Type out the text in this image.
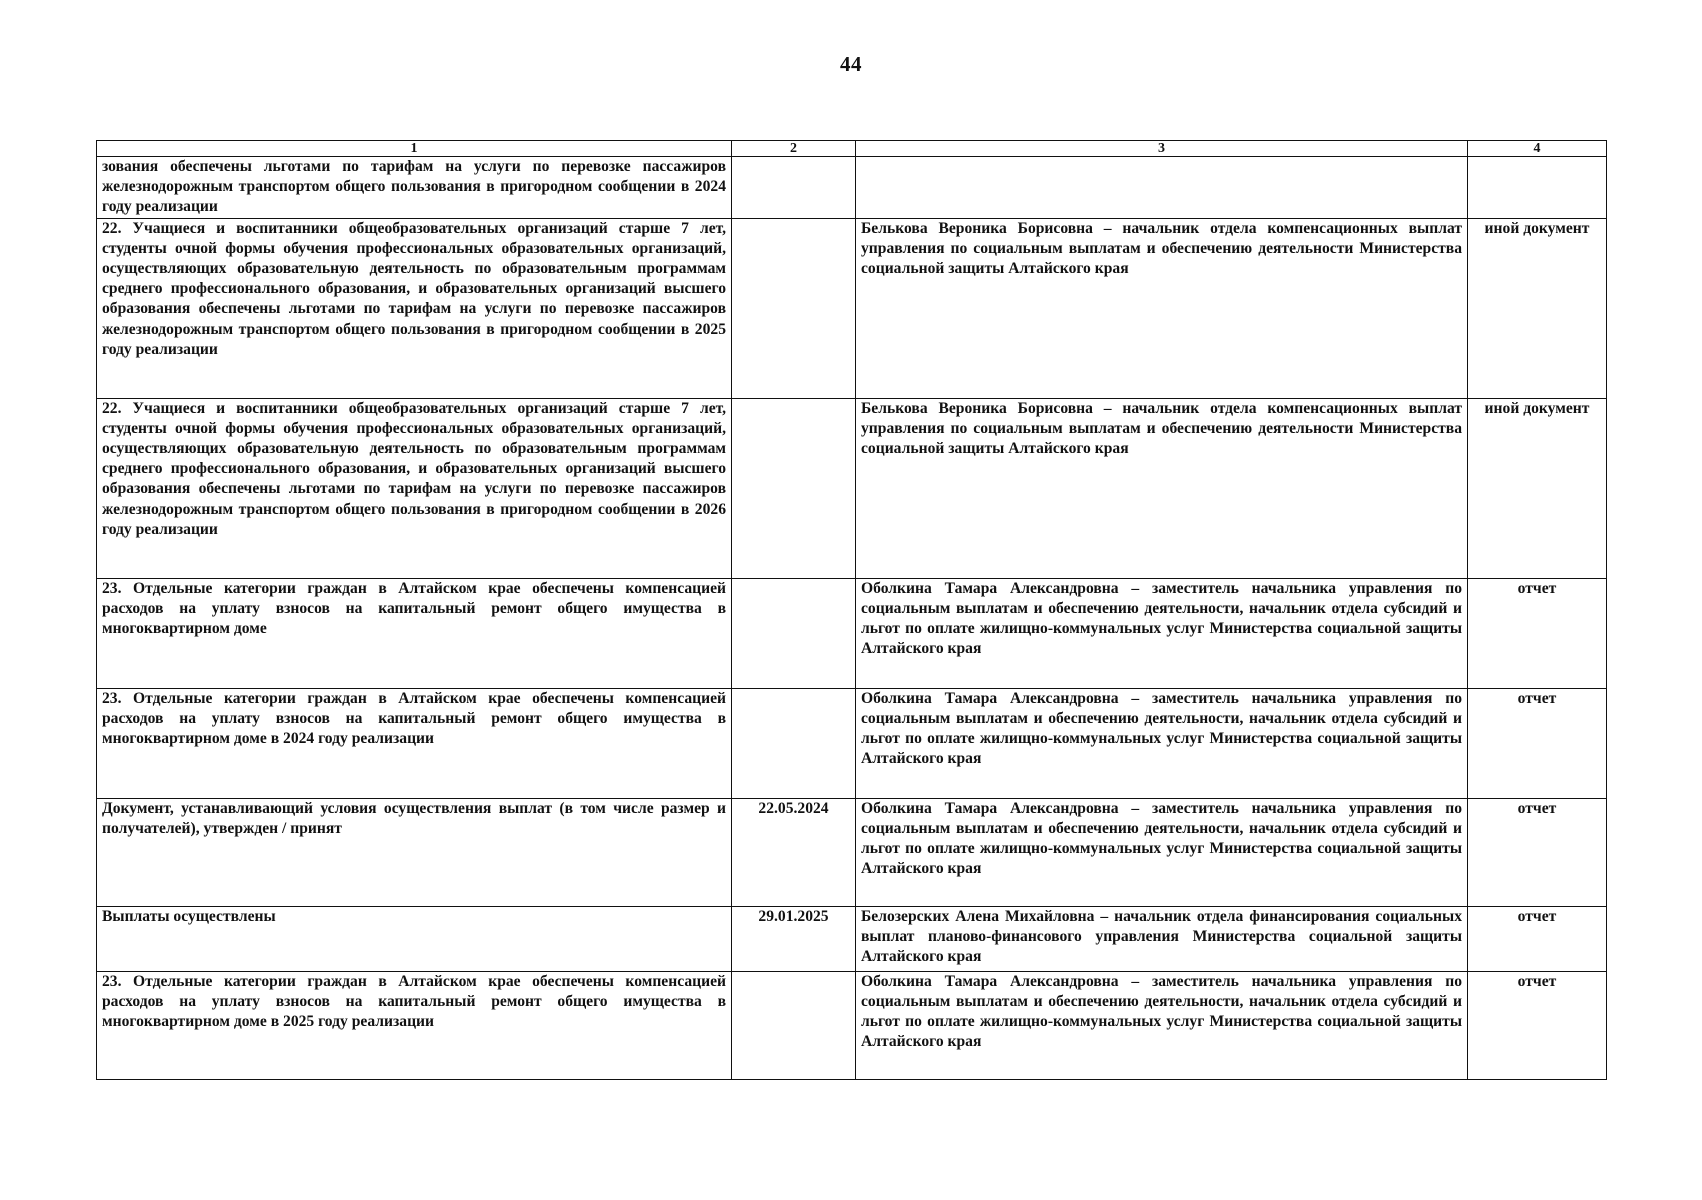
44
1	2	3	4
зования обеспечены льготами по тарифам на услуги по перевозке пассажиров железнодорожным транспортом общего пользования в пригородном сообщении в 2024 году реализации			
22. Учащиеся и воспитанники общеобразовательных организаций старше 7 лет, студенты очной формы обучения профессиональных образовательных организаций, осуществляющих образовательную деятельность по образовательным программам среднего профессионального образования, и образовательных организаций высшего образования обеспечены льготами по тарифам на услуги по перевозке пассажиров железнодорожным транспортом общего пользования в пригородном сообщении в 2025 году реализации		Белькова Вероника Борисовна – начальник отдела компенсационных выплат управления по социальным выплатам и обеспечению деятельности Министерства социальной защиты Алтайского края	иной документ
22. Учащиеся и воспитанники общеобразовательных организаций старше 7 лет, студенты очной формы обучения профессиональных образовательных организаций, осуществляющих образовательную деятельность по образовательным программам среднего профессионального образования, и образовательных организаций высшего образования обеспечены льготами по тарифам на услуги по перевозке пассажиров железнодорожным транспортом общего пользования в пригородном сообщении в 2026 году реализации		Белькова Вероника Борисовна – начальник отдела компенсационных выплат управления по социальным выплатам и обеспечению деятельности Министерства социальной защиты Алтайского края	иной документ
23. Отдельные категории граждан в Алтайском крае обеспечены компенсацией расходов на уплату взносов на капитальный ремонт общего имущества в многоквартирном доме		Оболкина Тамара Александровна – заместитель начальника управления по социальным выплатам и обеспечению деятельности, начальник отдела субсидий и льгот по оплате жилищно-коммунальных услуг Министерства социальной защиты Алтайского края	отчет
23. Отдельные категории граждан в Алтайском крае обеспечены компенсацией расходов на уплату взносов на капитальный ремонт общего имущества в многоквартирном доме в 2024 году реализации		Оболкина Тамара Александровна – заместитель начальника управления по социальным выплатам и обеспечению деятельности, начальник отдела субсидий и льгот по оплате жилищно-коммунальных услуг Министерства социальной защиты Алтайского края	отчет
Документ, устанавливающий условия осуществления выплат (в том числе размер и получателей), утвержден / принят	22.05.2024	Оболкина Тамара Александровна – заместитель начальника управления по социальным выплатам и обеспечению деятельности, начальник отдела субсидий и льгот по оплате жилищно-коммунальных услуг Министерства социальной защиты Алтайского края	отчет
Выплаты осуществлены	29.01.2025	Белозерских Алена Михайловна – начальник отдела финансирования социальных выплат планово-финансового управления Министерства социальной защиты Алтайского края	отчет
23. Отдельные категории граждан в Алтайском крае обеспечены компенсацией расходов на уплату взносов на капитальный ремонт общего имущества в многоквартирном доме в 2025 году реализации		Оболкина Тамара Александровна – заместитель начальника управления по социальным выплатам и обеспечению деятельности, начальник отдела субсидий и льгот по оплате жилищно-коммунальных услуг Министерства социальной защиты Алтайского края	отчет
